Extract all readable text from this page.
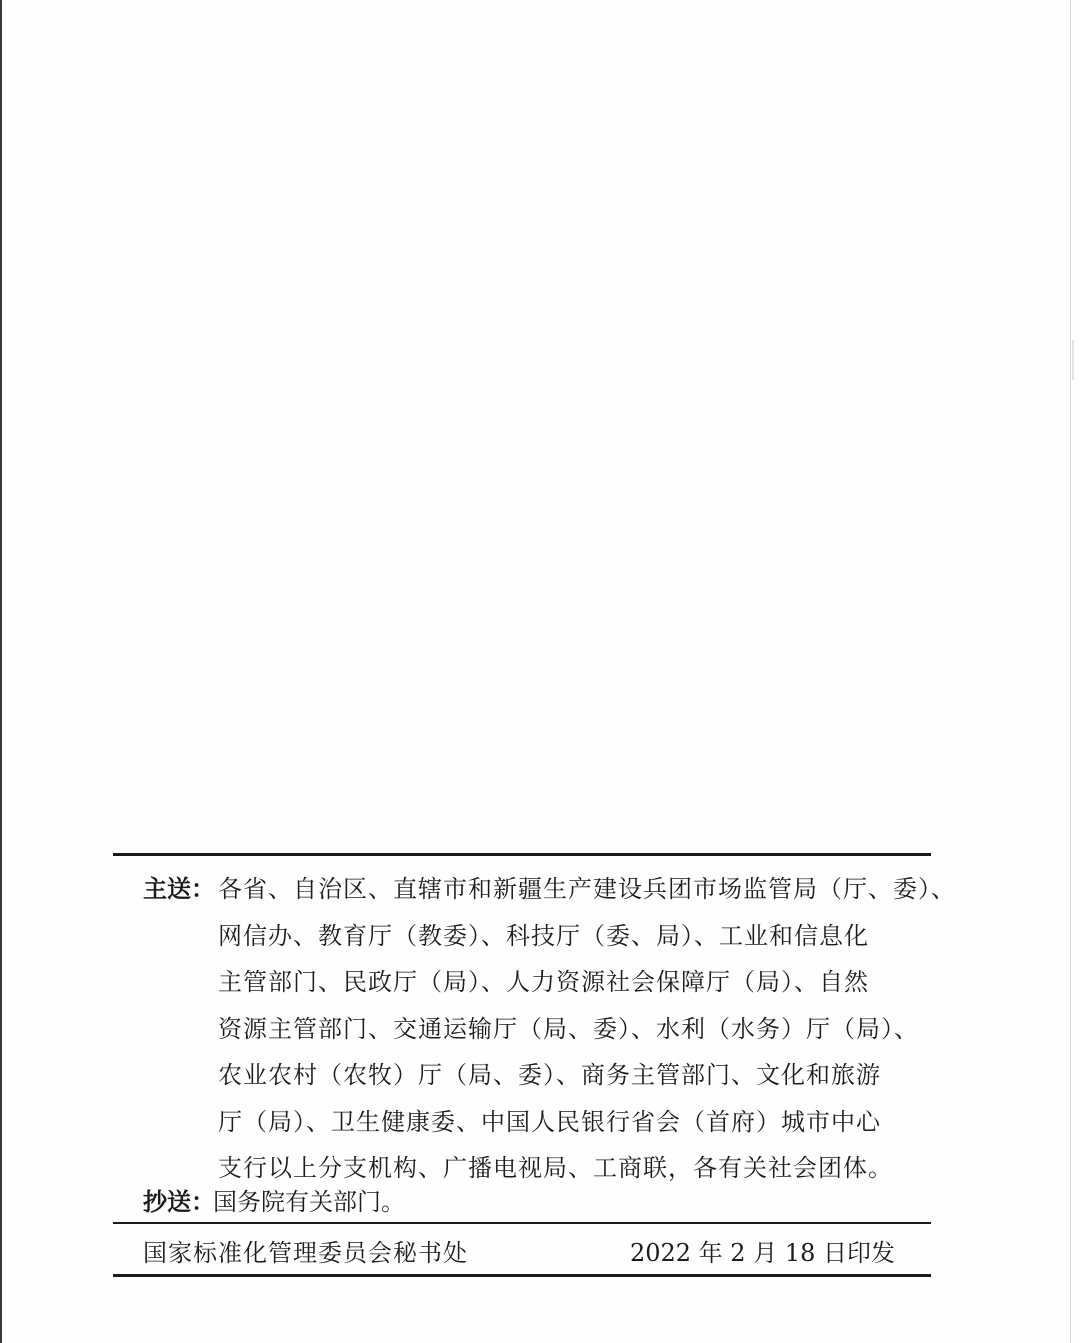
主送： 各省、自治区、直辖市和新疆生产建设兵团市场监管局（厅、委）、
网信办、教育厅（教委）、科技厅（委、局）、工业和信息化
主管部门、民政厅（局）、人力资源社会保障厅（局）、自然
资源主管部门、交通运输厅（局、委）、水利（水务）厅（局）、
农业农村（农牧）厅（局、委）、商务主管部门、文化和旅游
厅（局）、卫生健康委、中国人民银行省会（首府）城市中心
支行以上分支机构、广播电视局、工商联，各有关社会团体。
抄送：
国务院有关部门。
国家标准化管理委员会秘书处	2022 年 2 月 18 日印发
